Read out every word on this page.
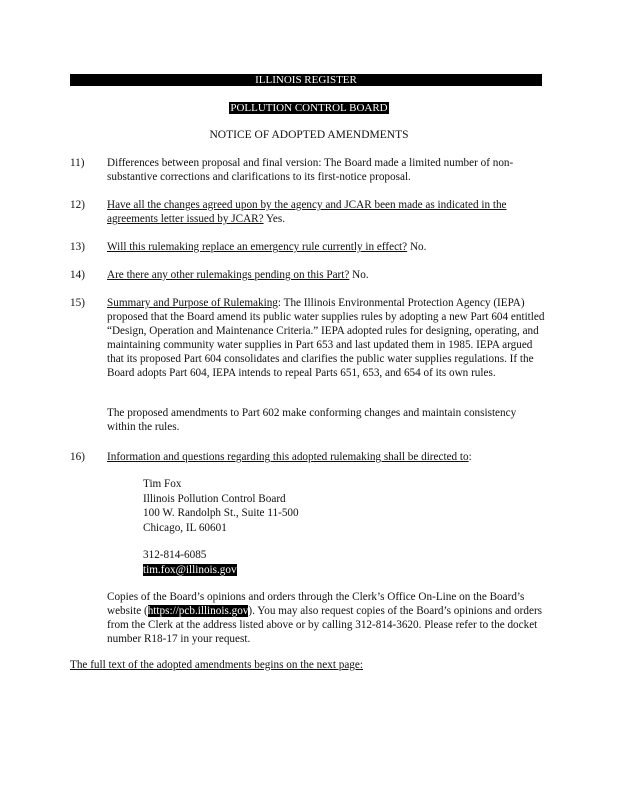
ILLINOIS REGISTER
POLLUTION CONTROL BOARD
NOTICE OF ADOPTED AMENDMENTS
11) Differences between proposal and final version: The Board made a limited number of non-substantive corrections and clarifications to its first-notice proposal.
12) Have all the changes agreed upon by the agency and JCAR been made as indicated in the agreements letter issued by JCAR? Yes.
13) Will this rulemaking replace an emergency rule currently in effect? No.
14) Are there any other rulemakings pending on this Part? No.
15) Summary and Purpose of Rulemaking: The Illinois Environmental Protection Agency (IEPA) proposed that the Board amend its public water supplies rules by adopting a new Part 604 entitled “Design, Operation and Maintenance Criteria.” IEPA adopted rules for designing, operating, and maintaining community water supplies in Part 653 and last updated them in 1985. IEPA argued that its proposed Part 604 consolidates and clarifies the public water supplies regulations. If the Board adopts Part 604, IEPA intends to repeal Parts 651, 653, and 654 of its own rules.
The proposed amendments to Part 602 make conforming changes and maintain consistency within the rules.
16) Information and questions regarding this adopted rulemaking shall be directed to:
Tim Fox
Illinois Pollution Control Board
100 W. Randolph St., Suite 11-500
Chicago, IL 60601
312-814-6085
tim.fox@illinois.gov
Copies of the Board’s opinions and orders through the Clerk’s Office On-Line on the Board’s website (https://pcb.illinois.gov). You may also request copies of the Board’s opinions and orders from the Clerk at the address listed above or by calling 312-814-3620. Please refer to the docket number R18-17 in your request.
The full text of the adopted amendments begins on the next page:
